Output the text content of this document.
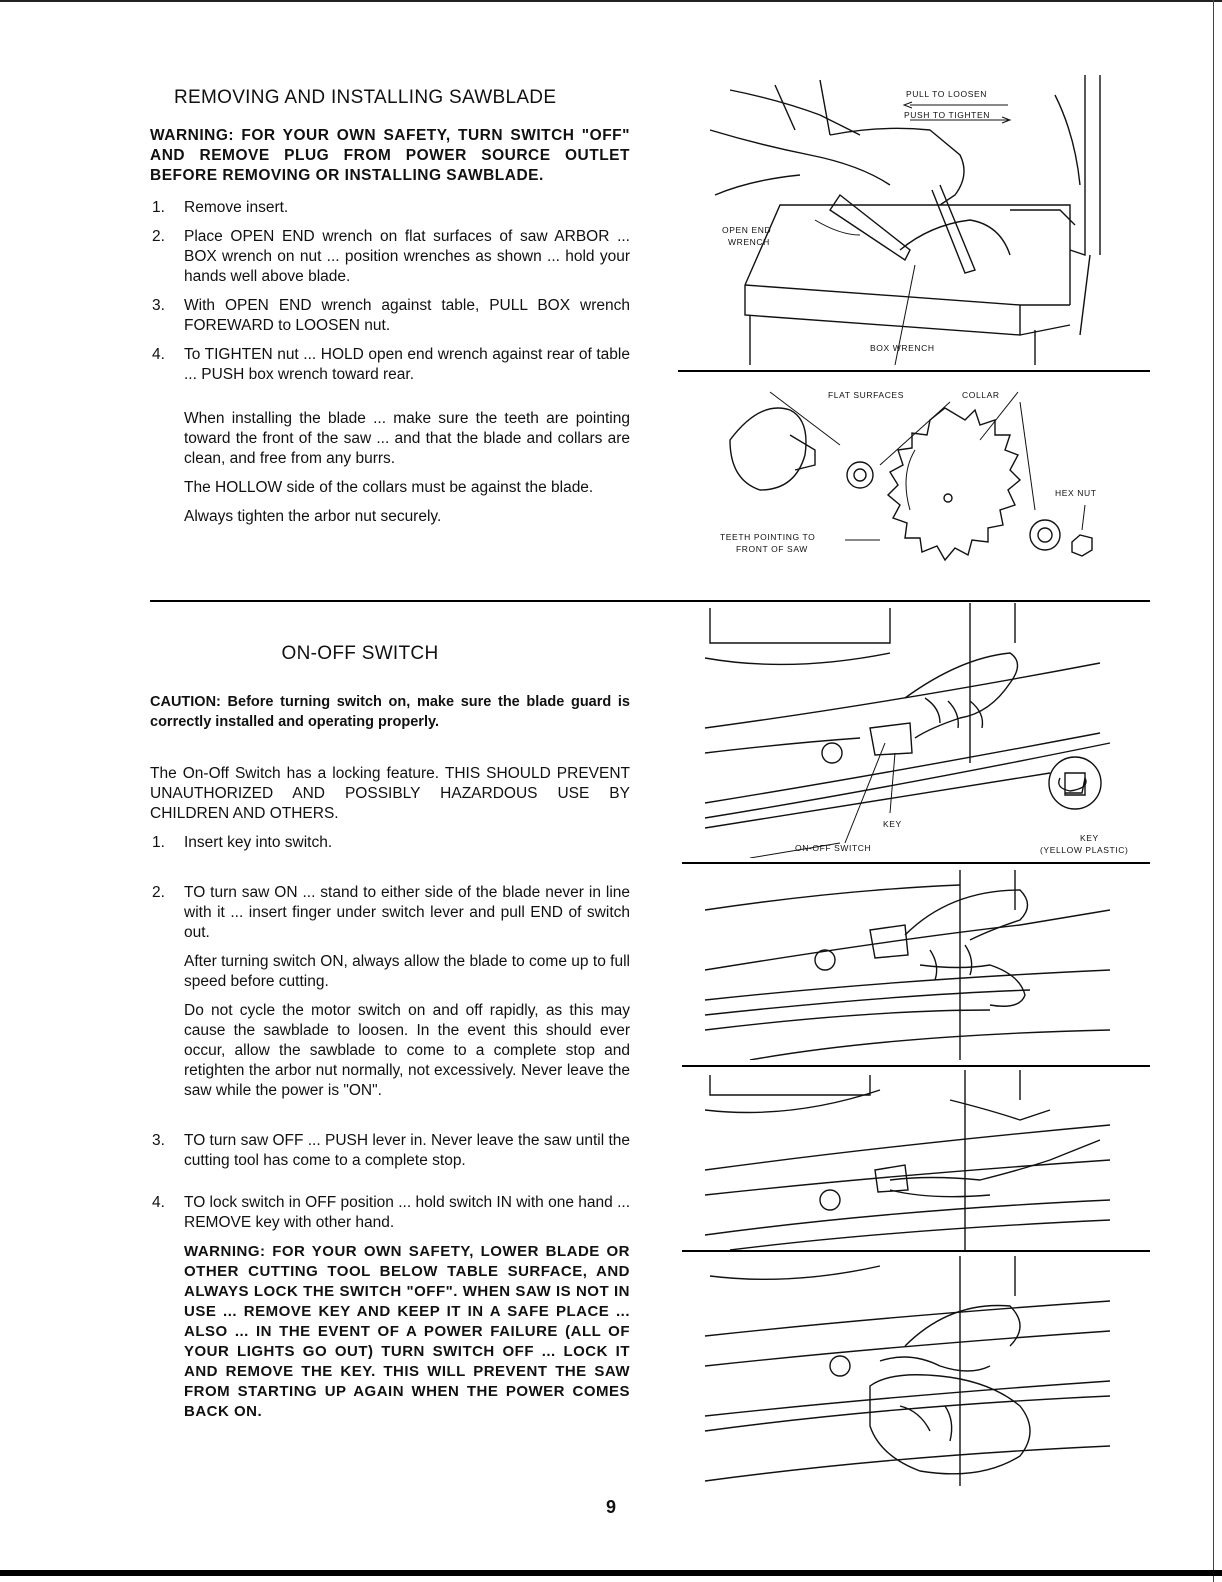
REMOVING AND INSTALLING SAWBLADE
WARNING: FOR YOUR OWN SAFETY, TURN SWITCH "OFF" AND REMOVE PLUG FROM POWER SOURCE OUTLET BEFORE REMOVING OR INSTALLING SAWBLADE.
1. Remove insert.
2. Place OPEN END wrench on flat surfaces of saw ARBOR ... BOX wrench on nut ... position wrenches as shown ... hold your hands well above blade.
3. With OPEN END wrench against table, PULL BOX wrench FOREWARD to LOOSEN nut.
4. To TIGHTEN nut ... HOLD open end wrench against rear of table ... PUSH box wrench toward rear.

When installing the blade ... make sure the teeth are pointing toward the front of the saw ... and that the blade and collars are clean, and free from any burrs.

The HOLLOW side of the collars must be against the blade.

Always tighten the arbor nut securely.

ON-OFF SWITCH
CAUTION: Before turning switch on, make sure the blade guard is correctly installed and operating properly.

The On-Off Switch has a locking feature. THIS SHOULD PREVENT UNAUTHORIZED AND POSSIBLY HAZARDOUS USE BY CHILDREN AND OTHERS.

1. Insert key into switch.
2. TO turn saw ON ... stand to either side of the blade never in line with it ... insert finger under switch lever and pull END of switch out.

After turning switch ON, always allow the blade to come up to full speed before cutting.

Do not cycle the motor switch on and off rapidly, as this may cause the sawblade to loosen. In the event this should ever occur, allow the sawblade to come to a complete stop and retighten the arbor nut normally, not excessively. Never leave the saw while the power is "ON".

3. TO turn saw OFF ... PUSH lever in. Never leave the saw until the cutting tool has come to a complete stop.
4. TO lock switch in OFF position ... hold switch IN with one hand ... REMOVE key with other hand.
WARNING: FOR YOUR OWN SAFETY, LOWER BLADE OR OTHER CUTTING TOOL BELOW TABLE SURFACE, AND ALWAYS LOCK THE SWITCH "OFF". WHEN SAW IS NOT IN USE ... REMOVE KEY AND KEEP IT IN A SAFE PLACE ... ALSO ... IN THE EVENT OF A POWER FAILURE (ALL OF YOUR LIGHTS GO OUT) TURN SWITCH OFF ... LOCK IT AND REMOVE THE KEY. THIS WILL PREVENT THE SAW FROM STARTING UP AGAIN WHEN THE POWER COMES BACK ON.
9
PULL TO LOOSEN
PUSH TO TIGHTEN
OPEN END
WRENCH
BOX WRENCH
FLAT SURFACES	COLLAR
HEX NUT
TEETH POINTING TO
FRONT OF SAW
KEY
ON-OFF SWITCH
KEY
(YELLOW PLASTIC)
